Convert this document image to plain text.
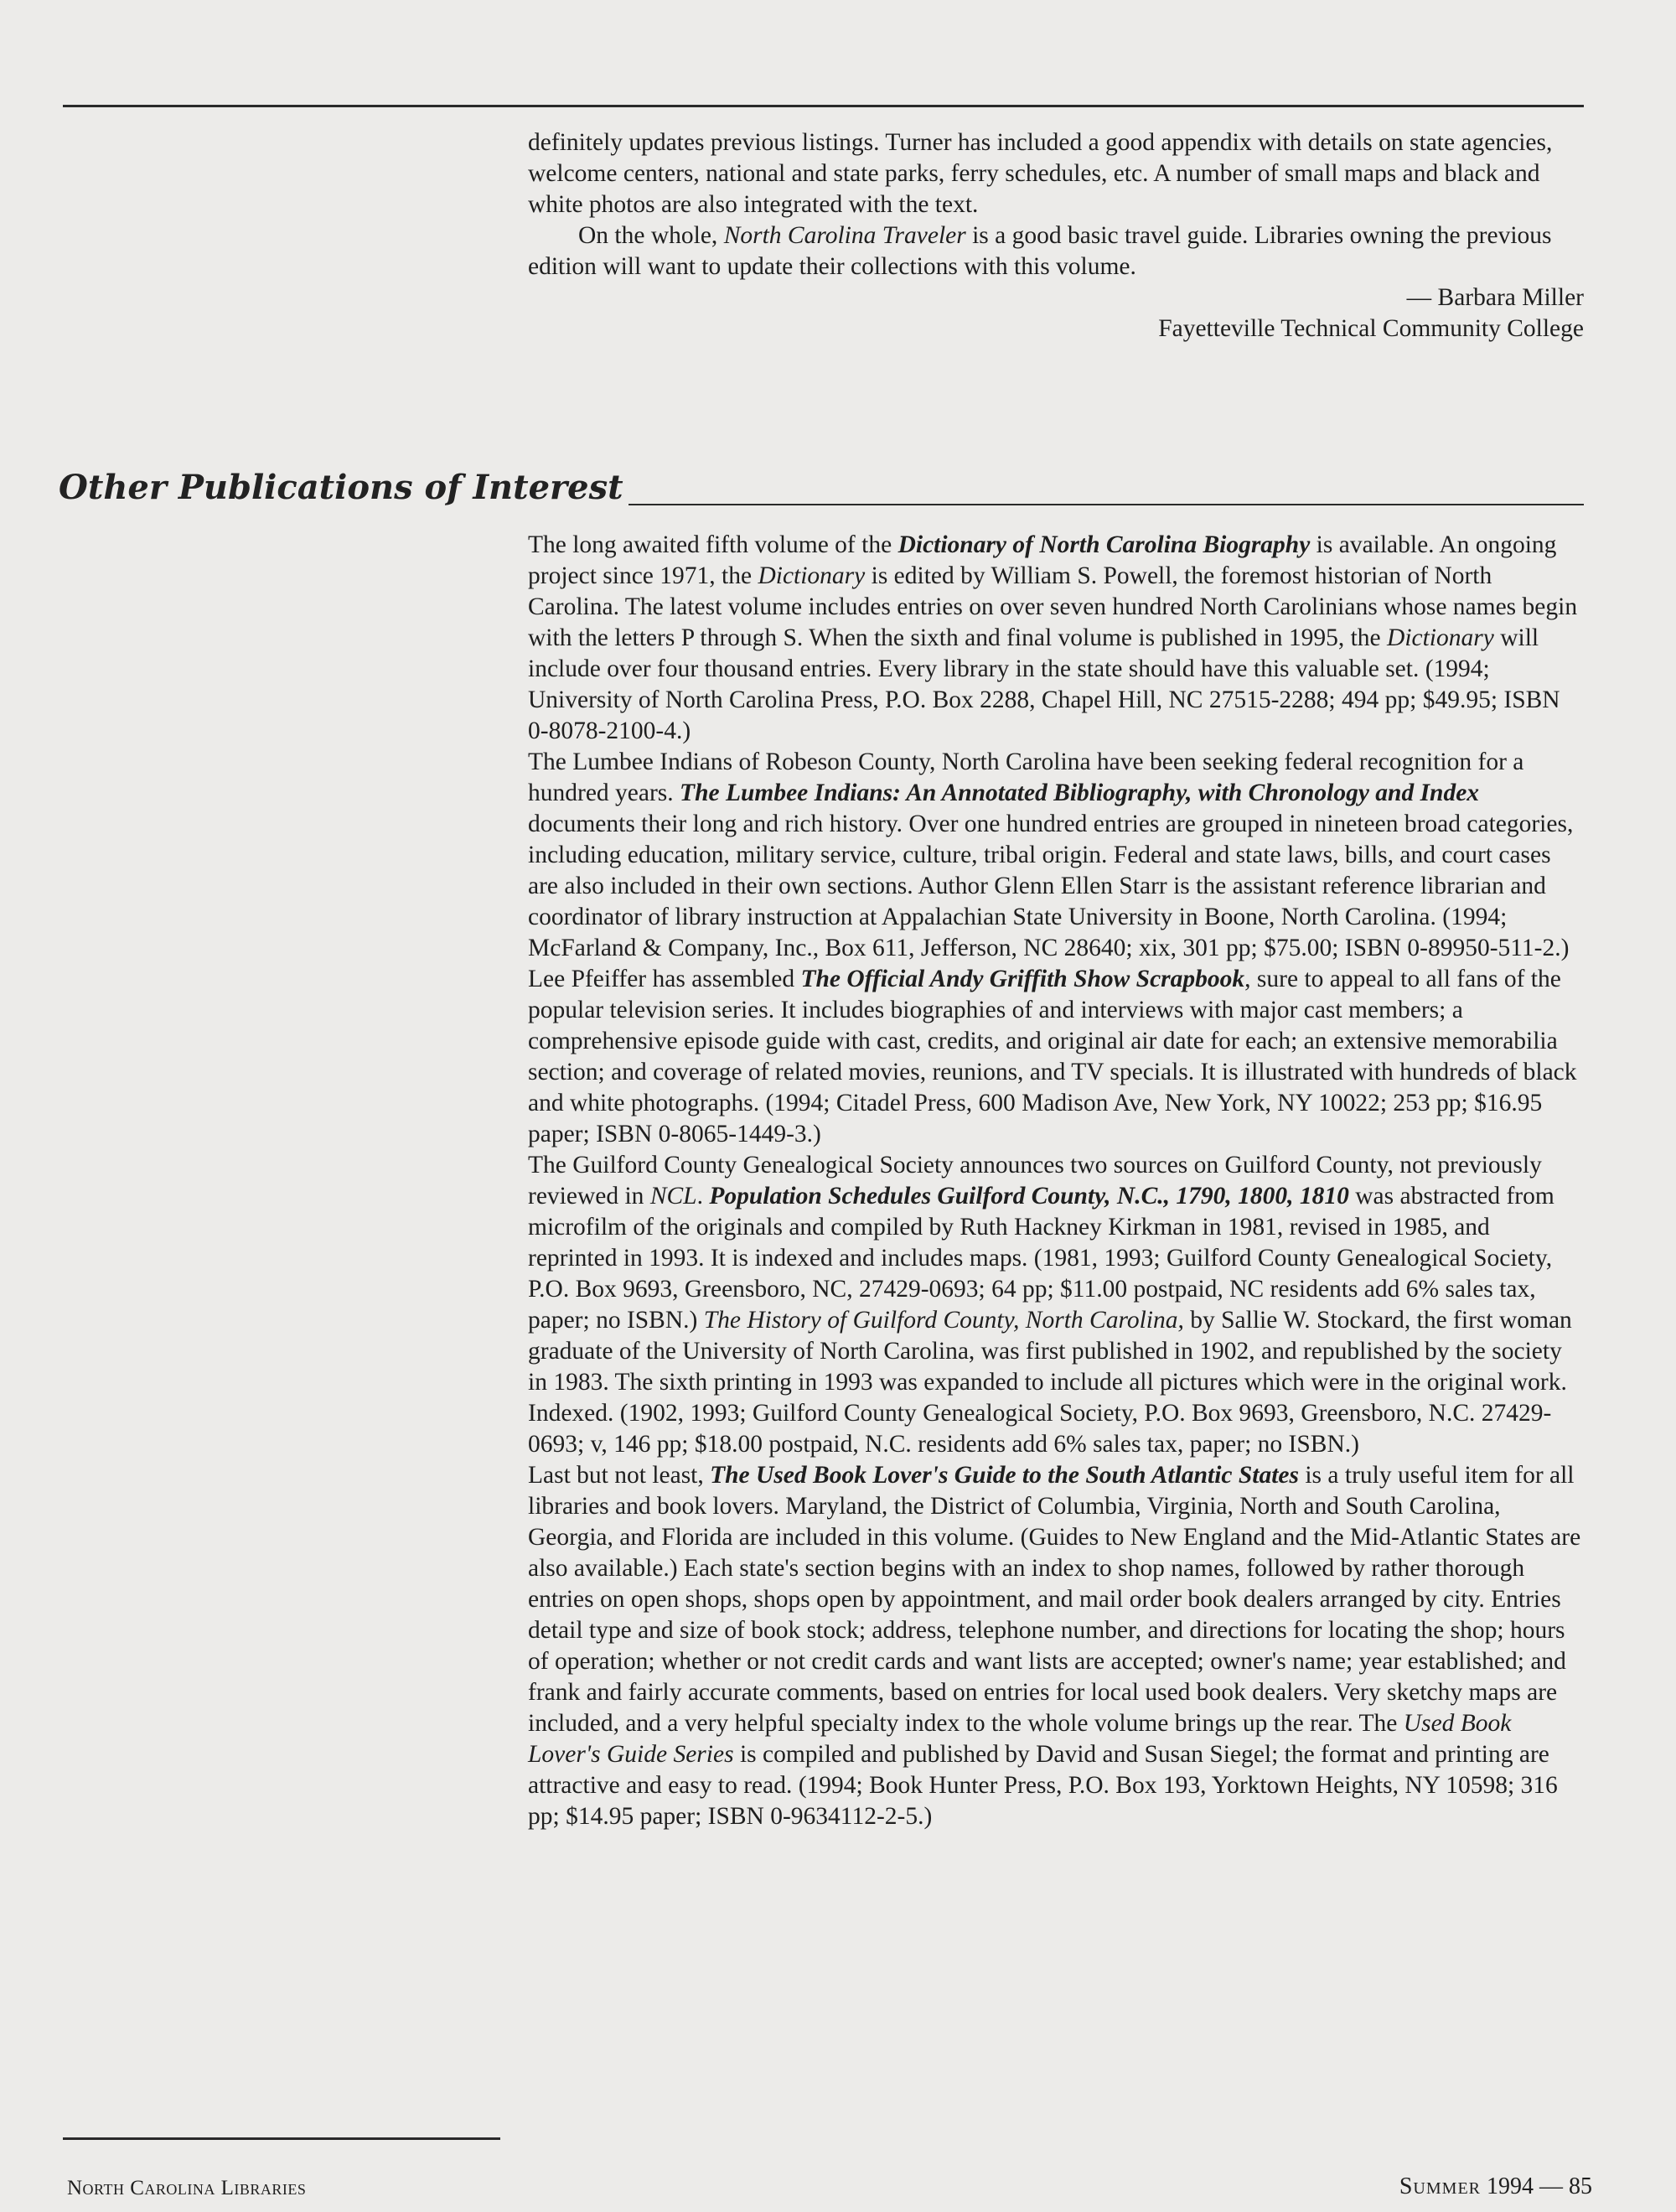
definitely updates previous listings. Turner has included a good appendix with details on state agencies, welcome centers, national and state parks, ferry schedules, etc. A number of small maps and black and white photos are also integrated with the text.

On the whole, North Carolina Traveler is a good basic travel guide. Libraries owning the previous edition will want to update their collections with this volume.

— Barbara Miller

Fayetteville Technical Community College

Other Publications of Interest

The long awaited fifth volume of the Dictionary of North Carolina Biography is available. An ongoing project since 1971, the Dictionary is edited by William S. Powell, the foremost historian of North Carolina. The latest volume includes entries on over seven hundred North Carolinians whose names begin with the letters P through S. When the sixth and final volume is published in 1995, the Dictionary will include over four thousand entries. Every library in the state should have this valuable set. (1994; University of North Carolina Press, P.O. Box 2288, Chapel Hill, NC 27515-2288; 494 pp; $49.95; ISBN 0-8078-2100-4.)

The Lumbee Indians of Robeson County, North Carolina have been seeking federal recognition for a hundred years. The Lumbee Indians: An Annotated Bibliography, with Chronology and Index documents their long and rich history. Over one hundred entries are grouped in nineteen broad categories, including education, military service, culture, tribal origin. Federal and state laws, bills, and court cases are also included in their own sections. Author Glenn Ellen Starr is the assistant reference librarian and coordinator of library instruction at Appalachian State University in Boone, North Carolina. (1994; McFarland & Company, Inc., Box 611, Jefferson, NC 28640; xix, 301 pp; $75.00; ISBN 0-89950-511-2.)

Lee Pfeiffer has assembled The Official Andy Griffith Show Scrapbook, sure to appeal to all fans of the popular television series. It includes biographies of and interviews with major cast members; a comprehensive episode guide with cast, credits, and original air date for each; an extensive memorabilia section; and coverage of related movies, reunions, and TV specials. It is illustrated with hundreds of black and white photographs. (1994; Citadel Press, 600 Madison Ave, New York, NY 10022; 253 pp; $16.95 paper; ISBN 0-8065-1449-3.)

The Guilford County Genealogical Society announces two sources on Guilford County, not previously reviewed in NCL. Population Schedules Guilford County, N.C., 1790, 1800, 1810 was abstracted from microfilm of the originals and compiled by Ruth Hackney Kirkman in 1981, revised in 1985, and reprinted in 1993. It is indexed and includes maps. (1981, 1993; Guilford County Genealogical Society, P.O. Box 9693, Greensboro, NC, 27429-0693; 64 pp; $11.00 postpaid, NC residents add 6% sales tax, paper; no ISBN.) The History of Guilford County, North Carolina, by Sallie W. Stockard, the first woman graduate of the University of North Carolina, was first published in 1902, and republished by the society in 1983. The sixth printing in 1993 was expanded to include all pictures which were in the original work. Indexed. (1902, 1993; Guilford County Genealogical Society, P.O. Box 9693, Greensboro, N.C. 27429-0693; v, 146 pp; $18.00 postpaid, N.C. residents add 6% sales tax, paper; no ISBN.)

Last but not least, The Used Book Lover's Guide to the South Atlantic States is a truly useful item for all libraries and book lovers. Maryland, the District of Columbia, Virginia, North and South Carolina, Georgia, and Florida are included in this volume. (Guides to New England and the Mid-Atlantic States are also available.) Each state's section begins with an index to shop names, followed by rather thorough entries on open shops, shops open by appointment, and mail order book dealers arranged by city. Entries detail type and size of book stock; address, telephone number, and directions for locating the shop; hours of operation; whether or not credit cards and want lists are accepted; owner's name; year established; and frank and fairly accurate comments, based on entries for local used book dealers. Very sketchy maps are included, and a very helpful specialty index to the whole volume brings up the rear. The Used Book Lover's Guide Series is compiled and published by David and Susan Siegel; the format and printing are attractive and easy to read. (1994; Book Hunter Press, P.O. Box 193, Yorktown Heights, NY 10598; 316 pp; $14.95 paper; ISBN 0-9634112-2-5.)

North Carolina Libraries	Summer 1994 — 85
